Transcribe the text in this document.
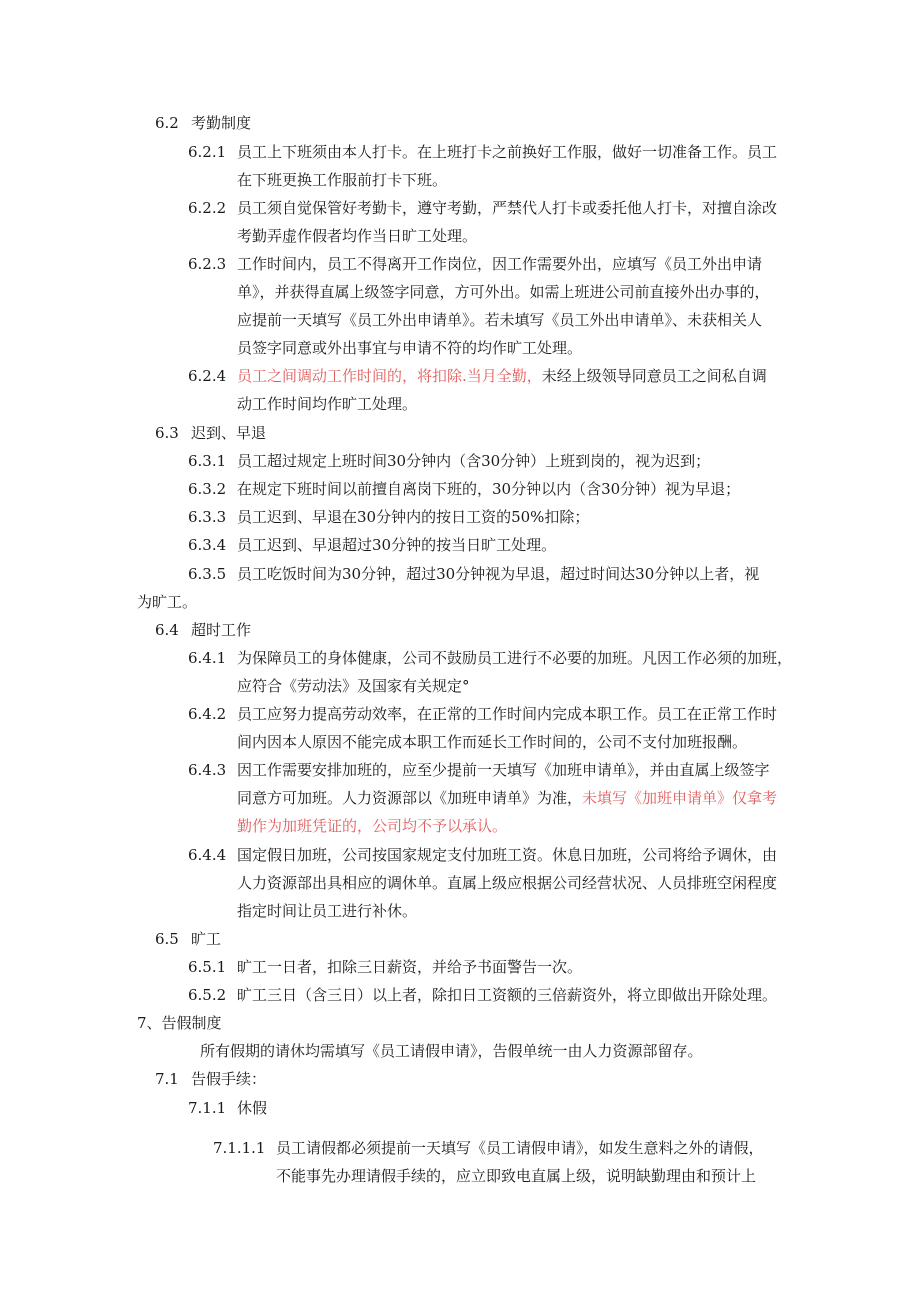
6.2 考勤制度
6.2.1 员工上下班须由本人打卡。在上班打卡之前换好工作服，做好一切准备工作。员工
在下班更换工作服前打卡下班。
6.2.2 员工须自觉保管好考勤卡，遵守考勤，严禁代人打卡或委托他人打卡，对擅自涂改
考勤弄虚作假者均作当日旷工处理。
6.2.3 工作时间内，员工不得离开工作岗位，因工作需要外出，应填写《员工外出申请
单》，并获得直属上级签字同意，方可外出。如需上班进公司前直接外出办事的，
应提前一天填写《员工外出申请单》。若未填写《员工外出申请单》、未获相关人
员签字同意或外出事宜与申请不符的均作旷工处理。
6.2.4 员工之间调动工作时间的，将扣除.当月全勤，未经上级领导同意员工之间私自调
动工作时间均作旷工处理。
6.3 迟到、早退
6.3.1 员工超过规定上班时间30分钟内（含30分钟）上班到岗的，视为迟到；
6.3.2 在规定下班时间以前擅自离岗下班的，30分钟以内（含30分钟）视为早退；
6.3.3 员工迟到、早退在30分钟内的按日工资的50%扣除；
6.3.4 员工迟到、早退超过30分钟的按当日旷工处理。
6.3.5 员工吃饭时间为30分钟，超过30分钟视为早退，超过时间达30分钟以上者，视
为旷工。
6.4 超时工作
6.4.1 为保障员工的身体健康，公司不鼓励员工进行不必要的加班。凡因工作必须的加班，
应符合《劳动法》及国家有关规定°
6.4.2 员工应努力提高劳动效率，在正常的工作时间内完成本职工作。员工在正常工作时
间内因本人原因不能完成本职工作而延长工作时间的，公司不支付加班报酬。
6.4.3 因工作需要安排加班的，应至少提前一天填写《加班申请单》，并由直属上级签字
同意方可加班。人力资源部以《加班申请单》为准，未填写《加班申请单》仅拿考
勤作为加班凭证的，公司均不予以承认。
6.4.4 国定假日加班，公司按国家规定支付加班工资。休息日加班，公司将给予调休，由
人力资源部出具相应的调休单。直属上级应根据公司经营状况、人员排班空闲程度
指定时间让员工进行补休。
6.5 旷工
6.5.1 旷工一日者，扣除三日薪资，并给予书面警告一次。
6.5.2 旷工三日（含三日）以上者，除扣日工资额的三倍薪资外，将立即做出开除处理。
7、告假制度
所有假期的请休均需填写《员工请假申请》，告假单统一由人力资源部留存。
7.1 告假手续：
7.1.1 休假
7.1.1.1 员工请假都必须提前一天填写《员工请假申请》，如发生意料之外的请假，
不能事先办理请假手续的，应立即致电直属上级，说明缺勤理由和预计上
